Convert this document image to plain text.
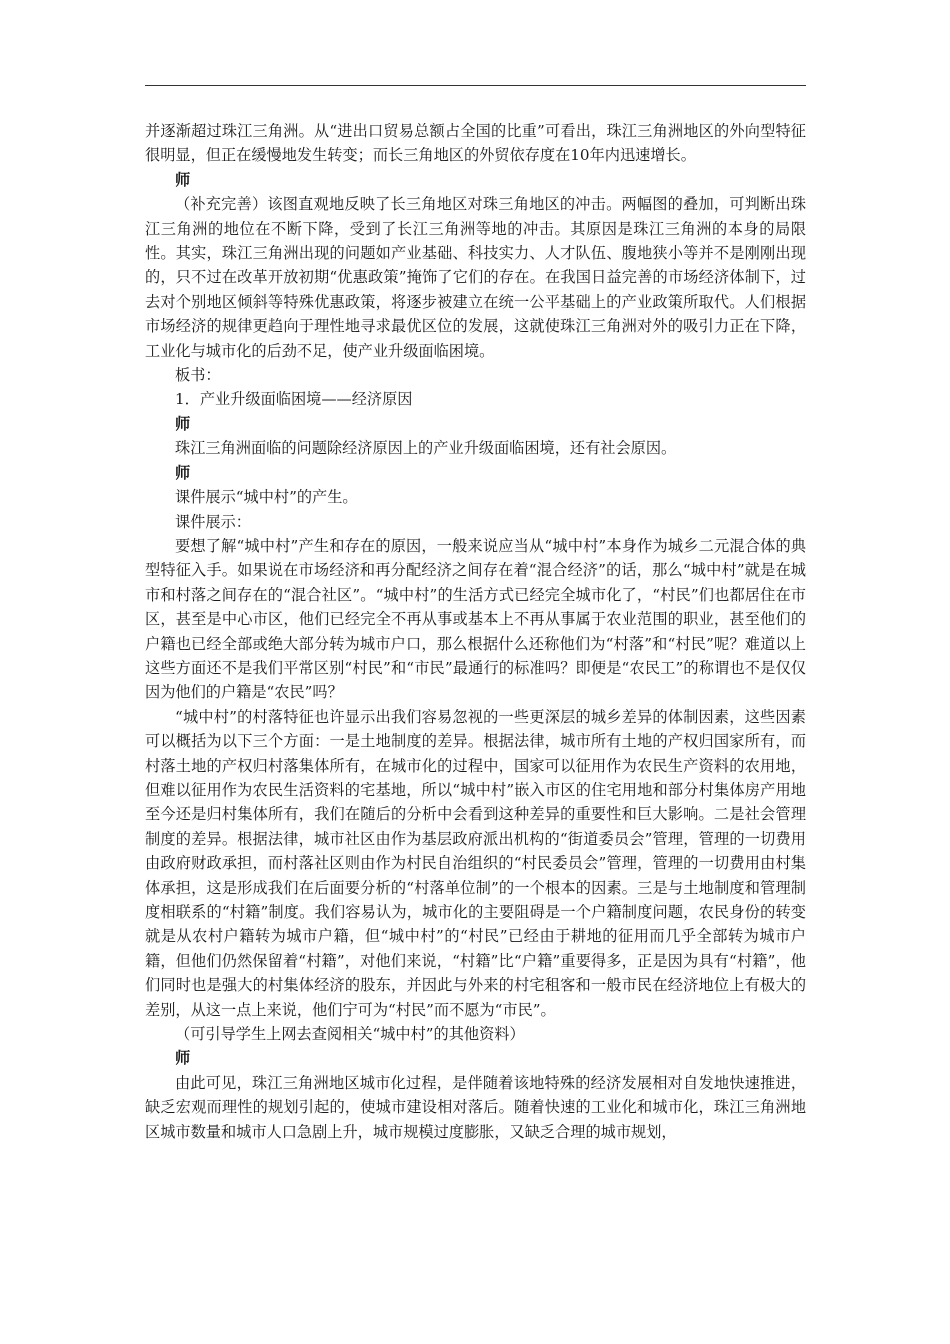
并逐渐超过珠江三角洲。从“进出口贸易总额占全国的比重”可看出，珠江三角洲地区的外向型特征很明显，但正在缓慢地发生转变；而长三角地区的外贸依存度在10年内迅速增长。

师

（补充完善）该图直观地反映了长三角地区对珠三角地区的冲击。两幅图的叠加，可判断出珠江三角洲的地位在不断下降，受到了长江三角洲等地的冲击。其原因是珠江三角洲的本身的局限性。其实，珠江三角洲出现的问题如产业基础、科技实力、人才队伍、腹地狭小等并不是刚刚出现的，只不过在改革开放初期“优惠政策”掩饰了它们的存在。在我国日益完善的市场经济体制下，过去对个别地区倾斜等特殊优惠政策，将逐步被建立在统一公平基础上的产业政策所取代。人们根据市场经济的规律更趋向于理性地寻求最优区位的发展，这就使珠江三角洲对外的吸引力正在下降，工业化与城市化的后劲不足，使产业升级面临困境。

板书：

1．产业升级面临困境——经济原因

师

珠江三角洲面临的问题除经济原因上的产业升级面临困境，还有社会原因。

师

课件展示“城中村”的产生。

课件展示：

要想了解“城中村”产生和存在的原因，一般来说应当从“城中村”本身作为城乡二元混合体的典型特征入手。如果说在市场经济和再分配经济之间存在着“混合经济”的话，那么“城中村”就是在城市和村落之间存在的“混合社区”。“城中村”的生活方式已经完全城市化了，“村民”们也都居住在市区，甚至是中心市区，他们已经完全不再从事或基本上不再从事属于农业范围的职业，甚至他们的户籍也已经全部或绝大部分转为城市户口，那么根据什么还称他们为“村落”和“村民”呢？难道以上这些方面还不是我们平常区别“村民”和“市民”最通行的标准吗？即便是“农民工”的称谓也不是仅仅因为他们的户籍是“农民”吗？

“城中村”的村落特征也许显示出我们容易忽视的一些更深层的城乡差异的体制因素，这些因素可以概括为以下三个方面：一是土地制度的差异。根据法律，城市所有土地的产权归国家所有，而村落土地的产权归村落集体所有，在城市化的过程中，国家可以征用作为农民生产资料的农用地，但难以征用作为农民生活资料的宅基地，所以“城中村”嵌入市区的住宅用地和部分村集体房产用地至今还是归村集体所有，我们在随后的分析中会看到这种差异的重要性和巨大影响。二是社会管理制度的差异。根据法律，城市社区由作为基层政府派出机构的“街道委员会”管理，管理的一切费用由政府财政承担，而村落社区则由作为村民自治组织的“村民委员会”管理，管理的一切费用由村集体承担，这是形成我们在后面要分析的“村落单位制”的一个根本的因素。三是与土地制度和管理制度相联系的“村籍”制度。我们容易认为，城市化的主要阻碍是一个户籍制度问题，农民身份的转变就是从农村户籍转为城市户籍，但“城中村”的“村民”已经由于耕地的征用而几乎全部转为城市户籍，但他们仍然保留着“村籍”，对他们来说，“村籍”比“户籍”重要得多，正是因为具有“村籍”，他们同时也是强大的村集体经济的股东，并因此与外来的村宅租客和一般市民在经济地位上有极大的差别，从这一点上来说，他们宁可为“村民”而不愿为“市民”。

（可引导学生上网去查阅相关“城中村”的其他资料）

师

由此可见，珠江三角洲地区城市化过程，是伴随着该地特殊的经济发展相对自发地快速推进，缺乏宏观而理性的规划引起的，使城市建设相对落后。随着快速的工业化和城市化，珠江三角洲地区城市数量和城市人口急剧上升，城市规模过度膨胀，又缺乏合理的城市规划，
